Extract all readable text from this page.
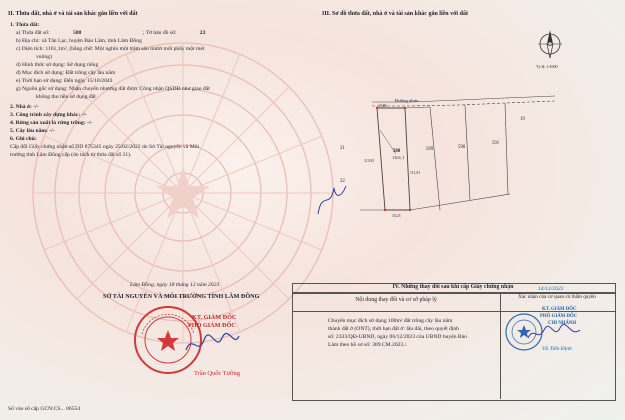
II. Thửa đất, nhà ở và tài sản khác gắn liền với đất
1. Thửa đất:
a) Thửa đất số:	588	; Tờ bản đồ số:	23
b) Địa chỉ: xã Tân Lạc, huyện Bảo Lâm, tỉnh Lâm Đồng
c) Diện tích: 1161,1m², (bằng chữ: Một nghìn một trăm sáu mươi mốt phẩy một mét
vuông)
d) Hình thức sử dụng: Sử dụng riêng
đ) Mục đích sử dụng: Đất trồng cây lâu năm
e) Thời hạn sử dụng: Đến ngày 15/10/2043
g) Nguồn gốc sử dụng: Nhận chuyển nhượng đất được Công nhận QSDĐ như giao đất
không thu tiền sử dụng đất
2. Nhà ở: -/-
3. Công trình xây dựng khác: -/-
4. Rừng sản xuất là rừng trồng: -/-
5. Cây lâu năm: -/-
6. Ghi chú:
Cấp đổi Giấy chứng nhận số DD 875345 ngày 25/02/2022 do Sở Tài nguyên và Môi
trường tỉnh Lâm Đồng cấp (do tách từ thửa đất số 21).
Lâm Đồng, ngày 18 tháng 12 năm 2023
SỞ TÀI NGUYÊN VÀ MÔI TRƯỜNG TỈNH LÂM ĐỒNG
KT. GIÁM ĐỐC
PHÓ GIÁM ĐỐC
Trần Quốc Tường
Số vào sổ cấp GCN:CS... 06554
III. Sơ đồ thửa đất, nhà ở và tài sản khác gắn liền với đất
Tỷ lệ: 1/1000
Đường nhựa
588
1161,1
589	590
591
21
22
19
10,86
10,25
113,81
111,91
IV. Những thay đổi sau khi cấp Giấy chứng nhận
Nội dung thay đổi và cơ sở pháp lý	Xác nhận của cơ quan có thẩm quyền
Chuyển mục đích sử dụng 100m² đất trồng cây lâu năm
thành đất ở (ONT), thời hạn đất ở: lâu dài, theo quyết định
số: 2333/QĐ-UBND, ngày 06/12/2023 của UBND huyện Bảo
Lâm theo hồ sơ số: 309.CM.2023./.
14/12/2023
KT. GIÁM ĐỐC
PHÓ GIÁM ĐỐC
CHI NHÁNH
Vũ Tiến Định
